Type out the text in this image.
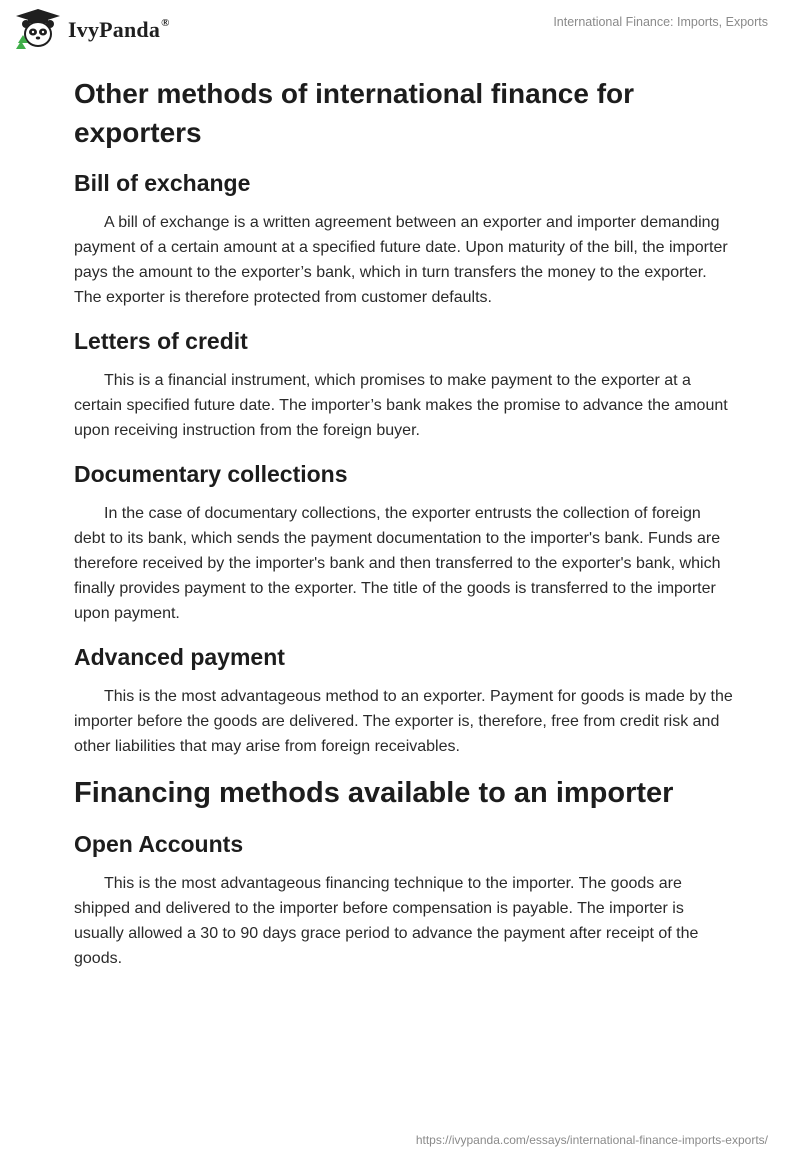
IvyPanda®	International Finance: Imports, Exports
Other methods of international finance for exporters
Bill of exchange

A bill of exchange is a written agreement between an exporter and importer demanding payment of a certain amount at a specified future date. Upon maturity of the bill, the importer pays the amount to the exporter’s bank, which in turn transfers the money to the exporter. The exporter is therefore protected from customer defaults.

Letters of credit

This is a financial instrument, which promises to make payment to the exporter at a certain specified future date. The importer’s bank makes the promise to advance the amount upon receiving instruction from the foreign buyer.

Documentary collections

In the case of documentary collections, the exporter entrusts the collection of foreign debt to its bank, which sends the payment documentation to the importer's bank. Funds are therefore received by the importer's bank and then transferred to the exporter's bank, which finally provides payment to the exporter. The title of the goods is transferred to the importer upon payment.

Advanced payment

This is the most advantageous method to an exporter. Payment for goods is made by the importer before the goods are delivered. The exporter is, therefore, free from credit risk and other liabilities that may arise from foreign receivables.

Financing methods available to an importer
Open Accounts

This is the most advantageous financing technique to the importer. The goods are shipped and delivered to the importer before compensation is payable. The importer is usually allowed a 30 to 90 days grace period to advance the payment after receipt of the goods.

https://ivypanda.com/essays/international-finance-imports-exports/
